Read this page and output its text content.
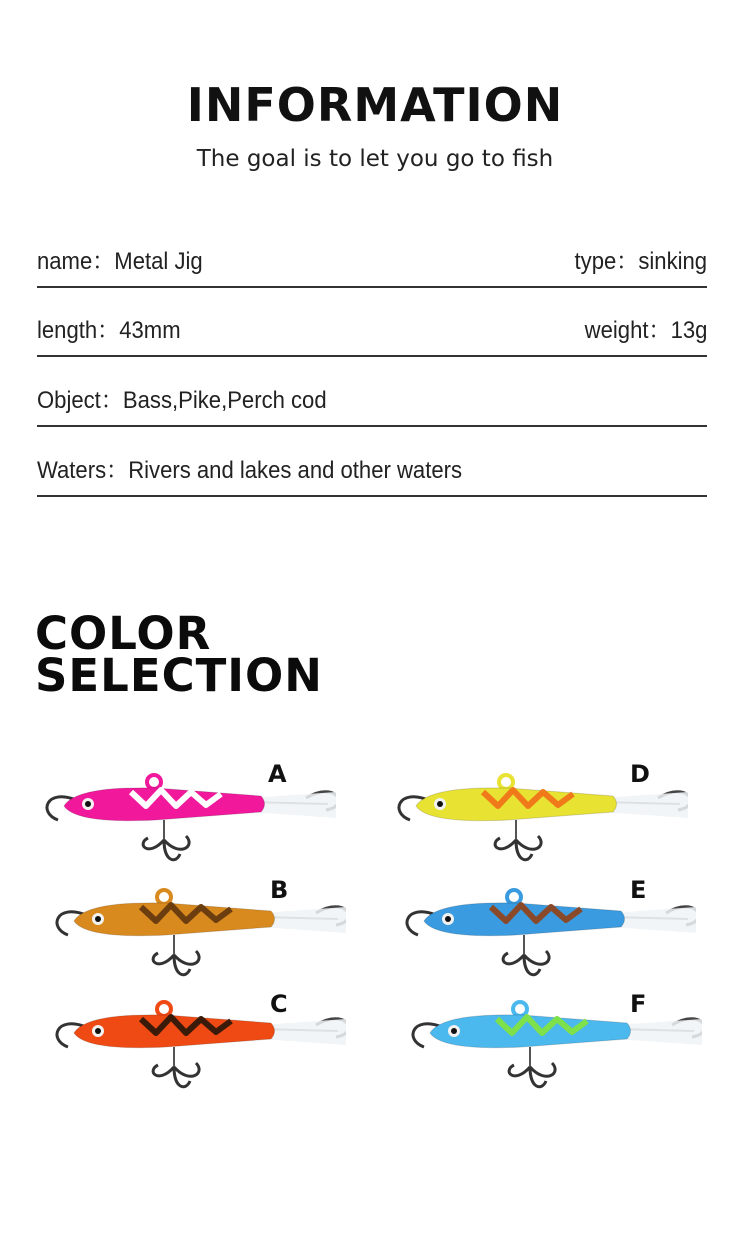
INFORMATION
The goal is to let you go to fish
name：Metal Jig	type：sinking
length：43mm	weight：13g
Object：Bass,Pike,Perch cod
Waters：Rivers and lakes and other waters
COLOR
SELECTION
A
B
C
D
E
F
